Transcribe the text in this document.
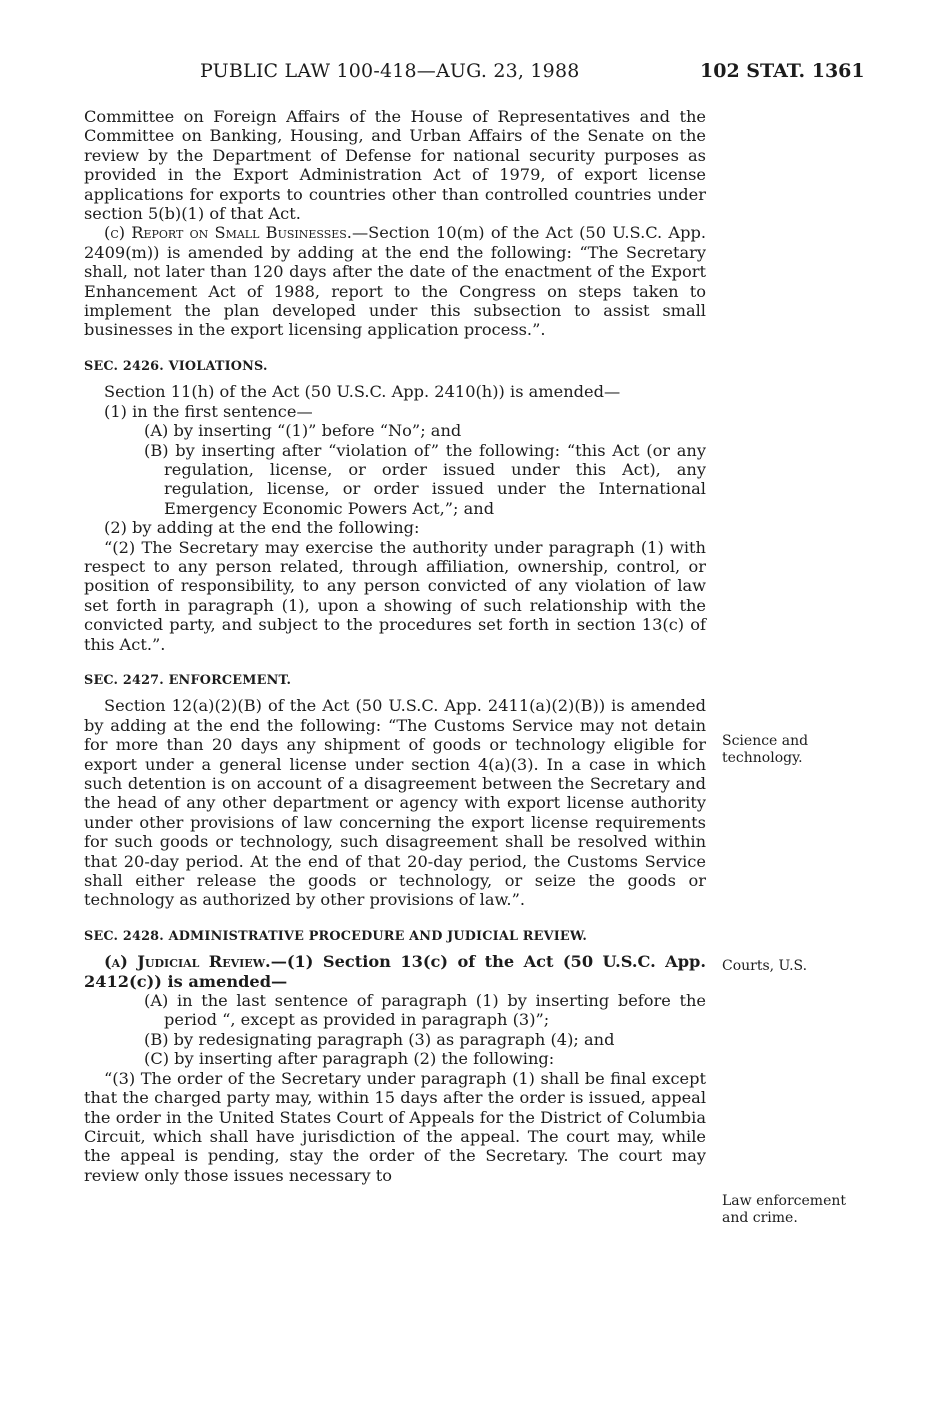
PUBLIC LAW 100-418—AUG. 23, 1988	102 STAT. 1361

Committee on Foreign Affairs of the House of Representatives and the Committee on Banking, Housing, and Urban Affairs of the Senate on the review by the Department of Defense for national security purposes as provided in the Export Administration Act of 1979, of export license applications for exports to countries other than controlled countries under section 5(b)(1) of that Act.

(c) Report on Small Businesses.—Section 10(m) of the Act (50 U.S.C. App. 2409(m)) is amended by adding at the end the following: “The Secretary shall, not later than 120 days after the date of the enactment of the Export Enhancement Act of 1988, report to the Congress on steps taken to implement the plan developed under this subsection to assist small businesses in the export licensing application process.”.

SEC. 2426. VIOLATIONS.

Section 11(h) of the Act (50 U.S.C. App. 2410(h)) is amended—

(1) in the first sentence—

(A) by inserting “(1)” before “No”; and

(B) by inserting after “violation of” the following: “this Act (or any regulation, license, or order issued under this Act), any regulation, license, or order issued under the International Emergency Economic Powers Act,”; and

(2) by adding at the end the following:

“(2) The Secretary may exercise the authority under paragraph (1) with respect to any person related, through affiliation, ownership, control, or position of responsibility, to any person convicted of any violation of law set forth in paragraph (1), upon a showing of such relationship with the convicted party, and subject to the procedures set forth in section 13(c) of this Act.”.

SEC. 2427. ENFORCEMENT.

Section 12(a)(2)(B) of the Act (50 U.S.C. App. 2411(a)(2)(B)) is amended by adding at the end the following: “The Customs Service may not detain for more than 20 days any shipment of goods or technology eligible for export under a general license under section 4(a)(3). In a case in which such detention is on account of a disagreement between the Secretary and the head of any other department or agency with export license authority under other provisions of law concerning the export license requirements for such goods or technology, such disagreement shall be resolved within that 20-day period. At the end of that 20-day period, the Customs Service shall either release the goods or technology, or seize the goods or technology as authorized by other provisions of law.”.

SEC. 2428. ADMINISTRATIVE PROCEDURE AND JUDICIAL REVIEW.

(a) Judicial Review.—(1) Section 13(c) of the Act (50 U.S.C. App. 2412(c)) is amended—

(A) in the last sentence of paragraph (1) by inserting before the period “, except as provided in paragraph (3)”;

(B) by redesignating paragraph (3) as paragraph (4); and

(C) by inserting after paragraph (2) the following:

“(3) The order of the Secretary under paragraph (1) shall be final except that the charged party may, within 15 days after the order is issued, appeal the order in the United States Court of Appeals for the District of Columbia Circuit, which shall have jurisdiction of the appeal. The court may, while the appeal is pending, stay the order of the Secretary. The court may review only those issues necessary to

Science and technology.
Courts, U.S.
Law enforcement and crime.
